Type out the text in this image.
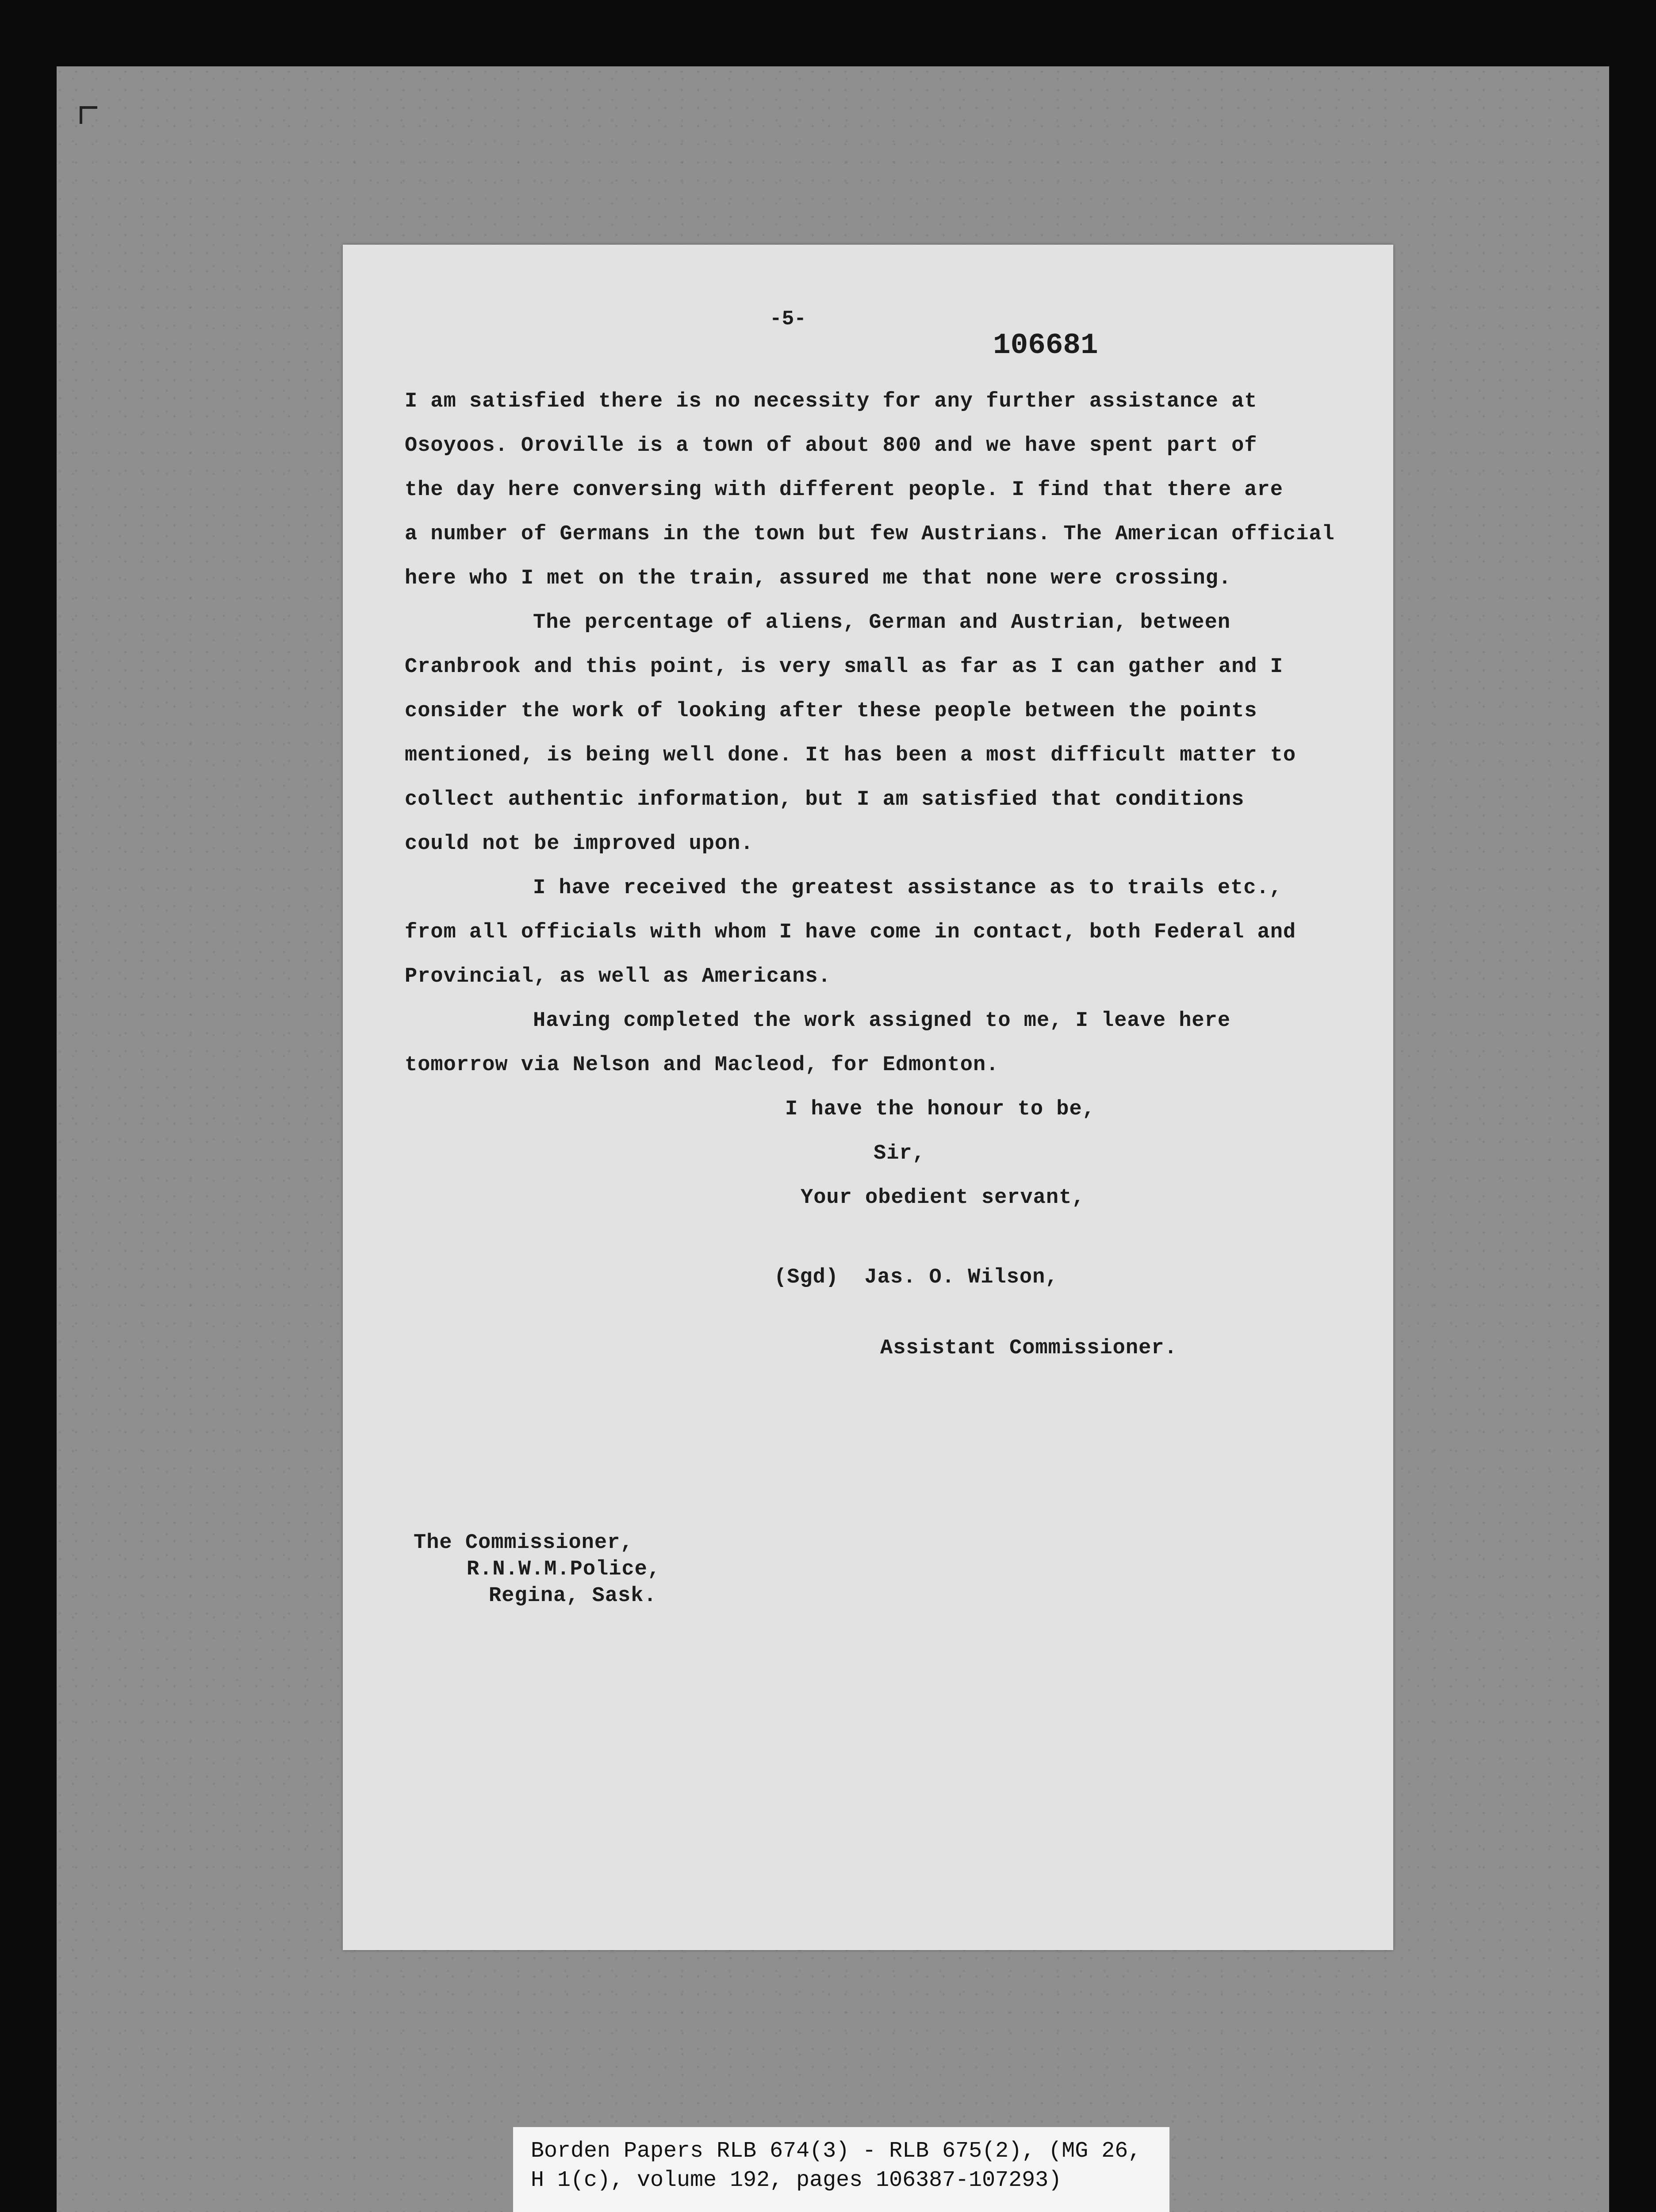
-5-
106681
I am satisfied there is no necessity for any further assistance at
Osoyoos. Oroville is a town of about 800 and we have spent part of
the day here conversing with different people. I find that there are
a number of Germans in the town but few Austrians. The American official
here who I met on the train, assured me that none were crossing.
The percentage of aliens, German and Austrian, between
Cranbrook and this point, is very small as far as I can gather and I
consider the work of looking after these people between the points
mentioned, is being well done. It has been a most difficult matter to
collect authentic information, but I am satisfied that conditions
could not be improved upon.
I have received the greatest assistance as to trails etc.,
from all officials with whom I have come in contact, both Federal and
Provincial, as well as Americans.
Having completed the work assigned to me, I leave here
tomorrow via Nelson and Macleod, for Edmonton.
I have the honour to be,
Sir,
Your obedient servant,
(Sgd)  Jas. O. Wilson,
Assistant Commissioner.
The Commissioner,
R.N.W.M.Police,
Regina, Sask.
Borden Papers RLB 674(3) - RLB 675(2), (MG 26,
H 1(c), volume 192, pages 106387-107293)
